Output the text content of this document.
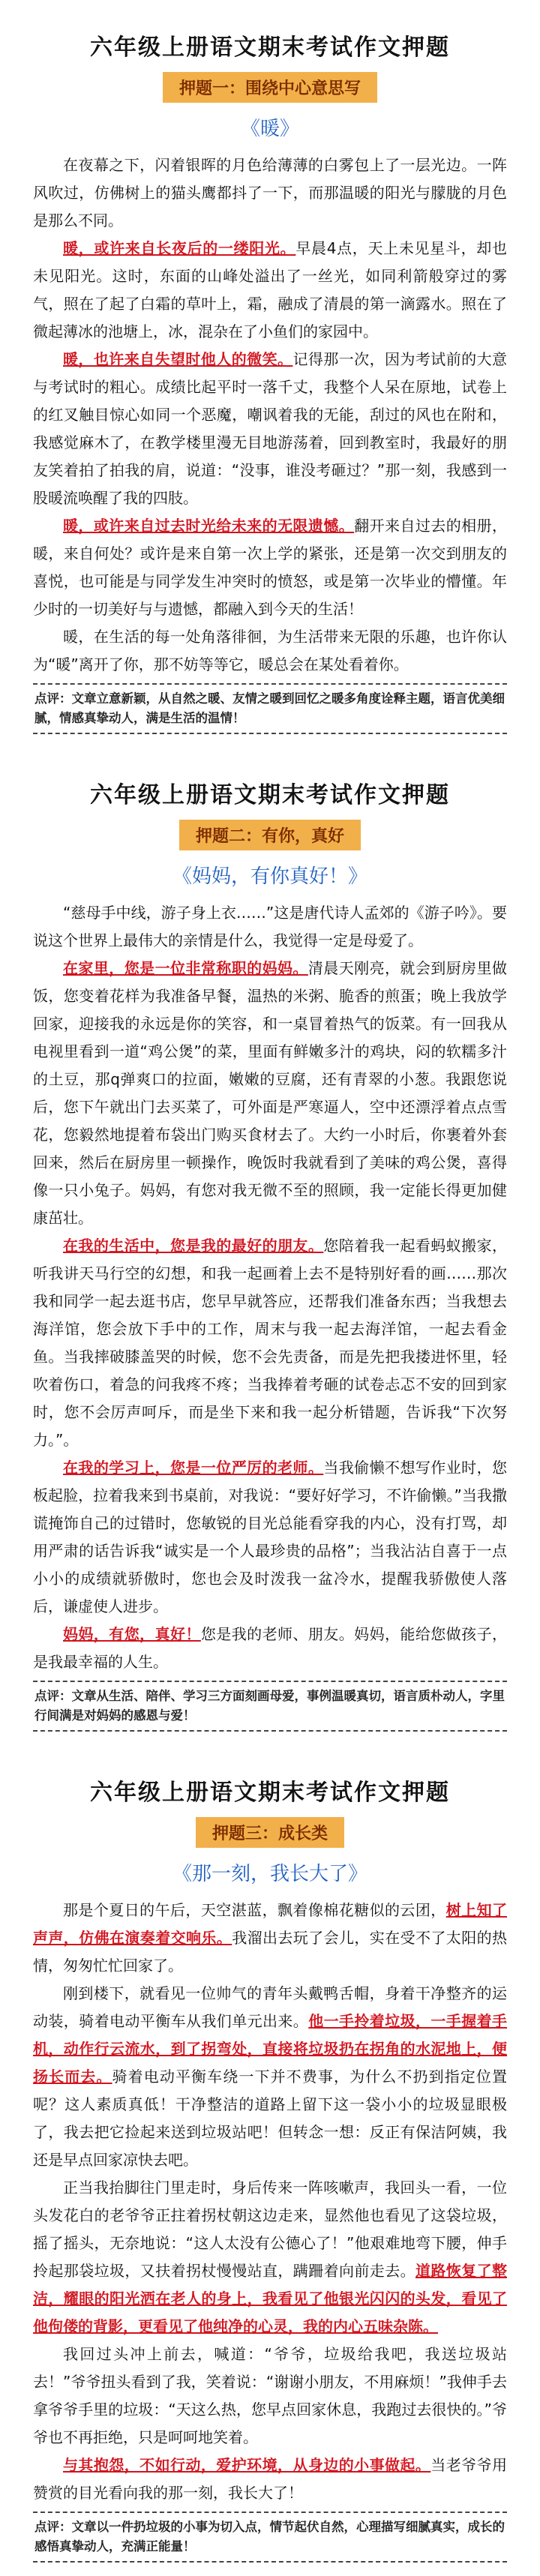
六年级上册语文期末考试作文押题
押题一：围绕中心意思写
《暖》

在夜幕之下，闪着银晖的月色给薄薄的白雾包上了一层光边。一阵风吹过，仿佛树上的猫头鹰都抖了一下，而那温暖的阳光与朦胧的月色是那么不同。

暖，或许来自长夜后的一缕阳光。早晨4点，天上未见星斗，却也未见阳光。这时，东面的山峰处溢出了一丝光，如同利箭般穿过的雾气，照在了起了白霜的草叶上，霜，融成了清晨的第一滴露水。照在了微起薄冰的池塘上，冰，混杂在了小鱼们的家园中。

暖，也许来自失望时他人的微笑。记得那一次，因为考试前的大意与考试时的粗心。成绩比起平时一落千丈，我整个人呆在原地，试卷上的红叉触目惊心如同一个恶魔，嘲讽着我的无能，刮过的风也在附和，我感觉麻木了，在教学楼里漫无目地游荡着，回到教室时，我最好的朋友笑着拍了拍我的肩，说道：“没事，谁没考砸过？”那一刻，我感到一股暖流唤醒了我的四肢。

暖，或许来自过去时光给未来的无限遗憾。翻开来自过去的相册，暖，来自何处？或许是来自第一次上学的紧张，还是第一次交到朋友的喜悦，也可能是与同学发生冲突时的愤怒，或是第一次毕业的懵懂。年少时的一切美好与与遗憾，都融入到今天的生活！

暖，在生活的每一处角落徘徊，为生活带来无限的乐趣，也许你认为“暖”离开了你，那不妨等等它，暖总会在某处看着你。

点评：文章立意新颖，从自然之暖、友情之暖到回忆之暖多角度诠释主题，语言优美细腻，情感真挚动人，满是生活的温情！
六年级上册语文期末考试作文押题
押题二：有你，真好
《妈妈，有你真好！》

“慈母手中线，游子身上衣……”这是唐代诗人孟郊的《游子吟》。要说这个世界上最伟大的亲情是什么，我觉得一定是母爱了。

在家里，您是一位非常称职的妈妈。清晨天刚亮，就会到厨房里做饭，您变着花样为我准备早餐，温热的米粥、脆香的煎蛋；晚上我放学回家，迎接我的永远是你的笑容，和一桌冒着热气的饭菜。有一回我从电视里看到一道“鸡公煲”的菜，里面有鲜嫩多汁的鸡块，闷的软糯多汁的土豆，那q弹爽口的拉面，嫩嫩的豆腐，还有青翠的小葱。我跟您说后，您下午就出门去买菜了，可外面是严寒逼人，空中还漂浮着点点雪花，您毅然地提着布袋出门购买食材去了。大约一小时后，你裹着外套回来，然后在厨房里一顿操作，晚饭时我就看到了美味的鸡公煲，喜得像一只小兔子。妈妈，有您对我无微不至的照顾，我一定能长得更加健康茁壮。

在我的生活中，您是我的最好的朋友。您陪着我一起看蚂蚁搬家，听我讲天马行空的幻想，和我一起画着上去不是特别好看的画……那次我和同学一起去逛书店，您早早就答应，还帮我们准备东西；当我想去海洋馆，您会放下手中的工作，周末与我一起去海洋馆，一起去看金鱼。当我摔破膝盖哭的时候，您不会先责备，而是先把我搂进怀里，轻吹着伤口，着急的问我疼不疼；当我捧着考砸的试卷忐忑不安的回到家时，您不会厉声呵斥，而是坐下来和我一起分析错题，告诉我“下次努力。”。

在我的学习上，您是一位严厉的老师。当我偷懒不想写作业时，您板起脸，拉着我来到书桌前，对我说：“要好好学习，不许偷懒。”当我撒谎掩饰自己的过错时，您敏锐的目光总能看穿我的内心，没有打骂，却用严肃的话告诉我“诚实是一个人最珍贵的品格”；当我沾沾自喜于一点小小的成绩就骄傲时，您也会及时泼我一盆冷水，提醒我骄傲使人落后，谦虚使人进步。

妈妈，有您，真好！您是我的老师、朋友。妈妈，能给您做孩子，是我最幸福的人生。

点评：文章从生活、陪伴、学习三方面刻画母爱，事例温暖真切，语言质朴动人，字里行间满是对妈妈的感恩与爱！
六年级上册语文期末考试作文押题
押题三：成长类
《那一刻，我长大了》

那是个夏日的午后，天空湛蓝，飘着像棉花糖似的云团，树上知了声声，仿佛在演奏着交响乐。我溜出去玩了会儿，实在受不了太阳的热情，匆匆忙忙回家了。

刚到楼下，就看见一位帅气的青年头戴鸭舌帽，身着干净整齐的运动装，骑着电动平衡车从我们单元出来。他一手拎着垃圾，一手握着手机，动作行云流水，到了拐弯处，直接将垃圾扔在拐角的水泥地上，便扬长而去。骑着电动平衡车绕一下并不费事，为什么不扔到指定位置呢？这人素质真低！干净整洁的道路上留下这一袋小小的垃圾显眼极了，我去把它捡起来送到垃圾站吧！但转念一想：反正有保洁阿姨，我还是早点回家凉快去吧。

正当我抬脚往门里走时，身后传来一阵咳嗽声，我回头一看，一位头发花白的老爷爷正拄着拐杖朝这边走来，显然他也看见了这袋垃圾，摇了摇头，无奈地说：“这人太没有公德心了！”他艰难地弯下腰，伸手拎起那袋垃圾，又扶着拐杖慢慢站直，蹒跚着向前走去。道路恢复了整洁，耀眼的阳光洒在老人的身上，我看见了他银光闪闪的头发，看见了他佝偻的背影，更看见了他纯净的心灵，我的内心五味杂陈。

我回过头冲上前去，喊道：“爷爷，垃圾给我吧，我送垃圾站去！”爷爷扭头看到了我，笑着说：“谢谢小朋友，不用麻烦！”我伸手去拿爷爷手里的垃圾：“天这么热，您早点回家休息，我跑过去很快的。”爷爷也不再拒绝，只是呵呵地笑着。

与其抱怨，不如行动，爱护环境，从身边的小事做起。当老爷爷用赞赏的目光看向我的那一刻，我长大了！

点评：文章以一件扔垃圾的小事为切入点，情节起伏自然，心理描写细腻真实，成长的感悟真挚动人，充满正能量！
